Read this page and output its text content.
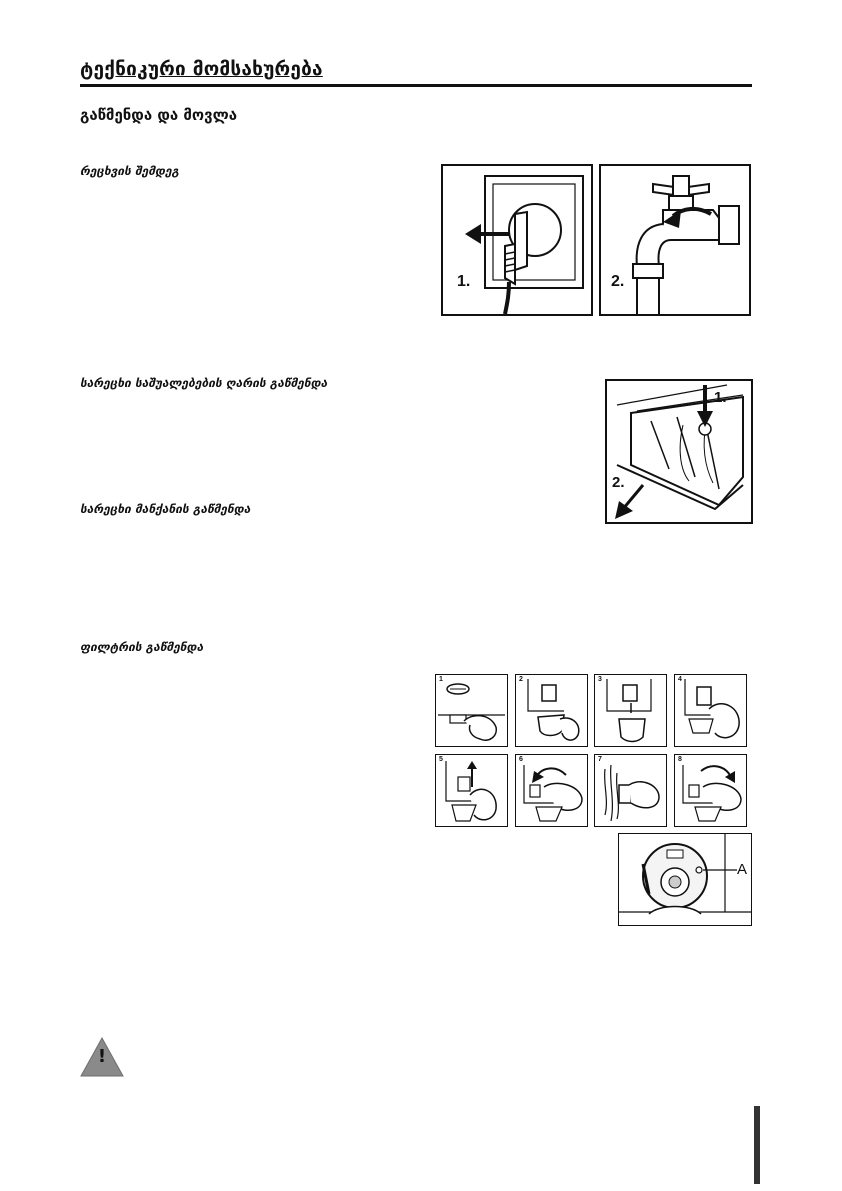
ტექნიკური მომსახურება
გაწმენდა და მოვლა
რეცხვის შემდეგ
სარეცხი საშუალებების ღარის გაწმენდა
სარეცხი მანქანის გაწმენდა
ფილტრის გაწმენდა
1.	2.
1.
2.
1	2	3	4
5	6	7	8
A
!
